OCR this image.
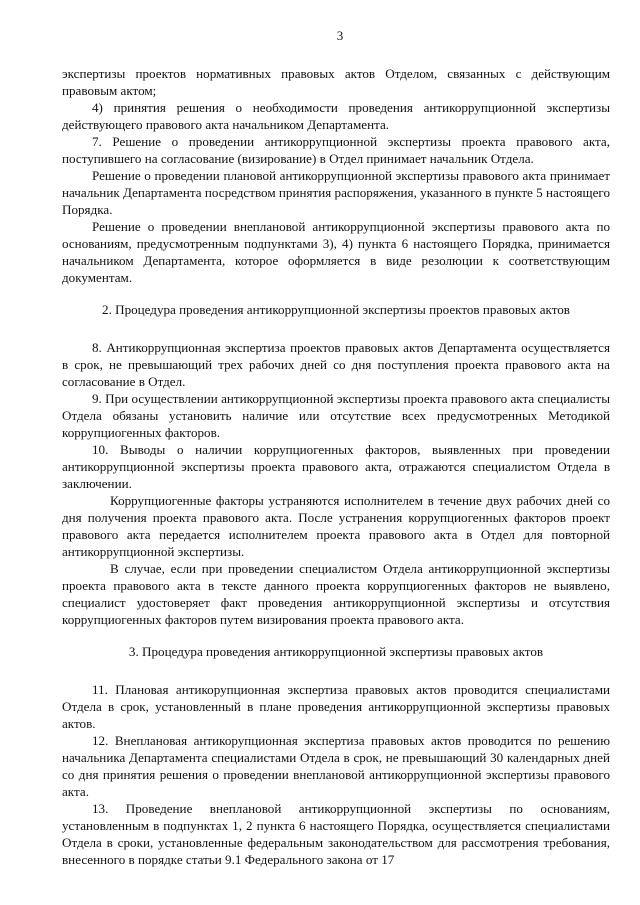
3

экспертизы проектов нормативных правовых актов Отделом, связанных с действующим правовым актом;

4) принятия решения о необходимости проведения антикоррупционной экспертизы действующего правового акта начальником Департамента.

7. Решение о проведении антикоррупционной экспертизы проекта правового акта, поступившего на согласование (визирование) в Отдел принимает начальник Отдела.

Решение о проведении плановой антикоррупционной экспертизы правового акта принимает начальник Департамента посредством принятия распоряжения, указанного в пункте 5 настоящего Порядка.

Решение о проведении внеплановой антикоррупционной экспертизы правового акта по основаниям, предусмотренным подпунктами 3), 4) пункта 6 настоящего Порядка, принимается начальником Департамента, которое оформляется в виде резолюции к соответствующим документам.

2. Процедура проведения антикоррупционной экспертизы проектов правовых актов

8. Антикоррупционная экспертиза проектов правовых актов Департамента осуществляется в срок, не превышающий трех рабочих дней со дня поступления проекта правового акта на согласование в Отдел.

9. При осуществлении антикоррупционной экспертизы проекта правового акта специалисты Отдела обязаны установить наличие или отсутствие всех предусмотренных Методикой коррупциогенных факторов.

10. Выводы о наличии коррупциогенных факторов, выявленных при проведении антикоррупционной экспертизы проекта правового акта, отражаются специалистом Отдела в заключении.

Коррупциогенные факторы устраняются исполнителем в течение двух рабочих дней со дня получения проекта правового акта. После устранения коррупциогенных факторов проект правового акта передается исполнителем проекта правового акта в Отдел для повторной антикоррупционной экспертизы.

В случае, если при проведении специалистом Отдела антикоррупционной экспертизы проекта правового акта в тексте данного проекта коррупциогенных факторов не выявлено, специалист удостоверяет факт проведения антикоррупционной экспертизы и отсутствия коррупциогенных факторов путем визирования проекта правового акта.

3. Процедура проведения антикоррупционной экспертизы правовых актов

11. Плановая антикорупционная экспертиза правовых актов проводится специалистами Отдела в срок, установленный в плане проведения антикоррупционной экспертизы правовых актов.

12. Внеплановая антикорупционная экспертиза правовых актов проводится по решению начальника Департамента специалистами Отдела в срок, не превышающий 30 календарных дней со дня принятия решения о проведении внеплановой антикоррупционной экспертизы правового акта.

13. Проведение внеплановой антикоррупционной экспертизы по основаниям, установленным в подпунктах 1, 2 пункта 6 настоящего Порядка, осуществляется специалистами Отдела в сроки, установленные федеральным законодательством для рассмотрения требования, внесенного в порядке статьи 9.1 Федерального закона от 17
